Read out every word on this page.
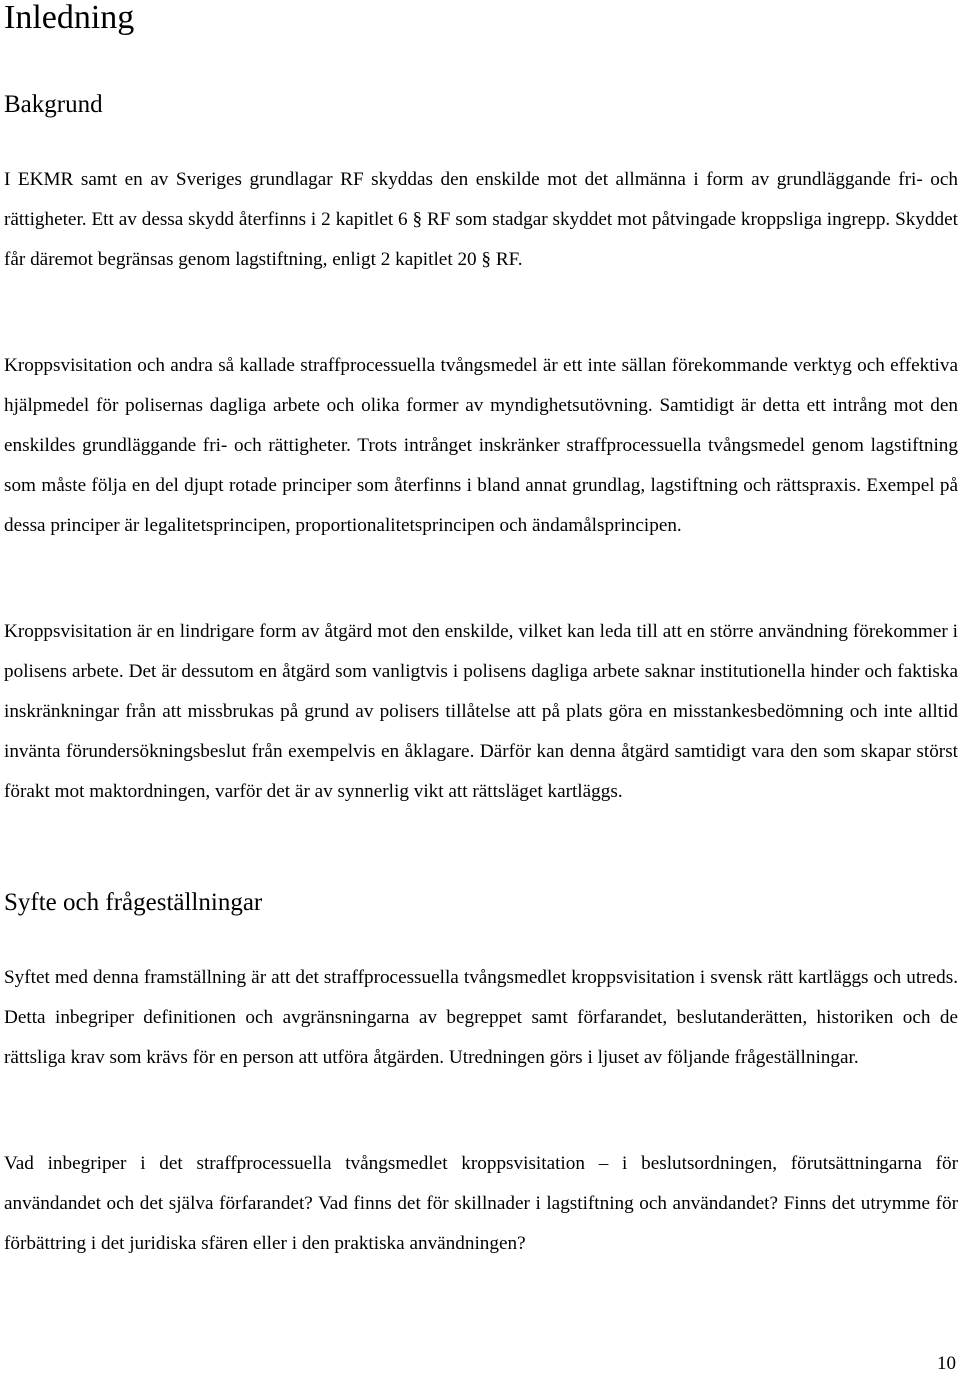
Inledning
Bakgrund

I EKMR samt en av Sveriges grundlagar RF skyddas den enskilde mot det allmänna i form av grundläggande fri- och rättigheter. Ett av dessa skydd återfinns i 2 kapitlet 6 § RF som stadgar skyddet mot påtvingade kroppsliga ingrepp. Skyddet får däremot begränsas genom lagstiftning, enligt 2 kapitlet 20 § RF.

Kroppsvisitation och andra så kallade straffprocessuella tvångsmedel är ett inte sällan förekommande verktyg och effektiva hjälpmedel för polisernas dagliga arbete och olika former av myndighetsutövning. Samtidigt är detta ett intrång mot den enskildes grundläggande fri- och rättigheter. Trots intrånget inskränker straffprocessuella tvångsmedel genom lagstiftning som måste följa en del djupt rotade principer som återfinns i bland annat grundlag, lagstiftning och rättspraxis. Exempel på dessa principer är legalitetsprincipen, proportionalitetsprincipen och ändamålsprincipen.

Kroppsvisitation är en lindrigare form av åtgärd mot den enskilde, vilket kan leda till att en större användning förekommer i polisens arbete. Det är dessutom en åtgärd som vanligtvis i polisens dagliga arbete saknar institutionella hinder och faktiska inskränkningar från att missbrukas på grund av polisers tillåtelse att på plats göra en misstankesbedömning och inte alltid invänta förundersökningsbeslut från exempelvis en åklagare. Därför kan denna åtgärd samtidigt vara den som skapar störst förakt mot maktordningen, varför det är av synnerlig vikt att rättsläget kartläggs.

Syfte och frågeställningar

Syftet med denna framställning är att det straffprocessuella tvångsmedlet kroppsvisitation i svensk rätt kartläggs och utreds. Detta inbegriper definitionen och avgränsningarna av begreppet samt förfarandet, beslutanderätten, historiken och de rättsliga krav som krävs för en person att utföra åtgärden. Utredningen görs i ljuset av följande frågeställningar.

Vad inbegriper i det straffprocessuella tvångsmedlet kroppsvisitation – i beslutsordningen, förutsättningarna för användandet och det själva förfarandet? Vad finns det för skillnader i lagstiftning och användandet? Finns det utrymme för förbättring i det juridiska sfären eller i den praktiska användningen?

10
